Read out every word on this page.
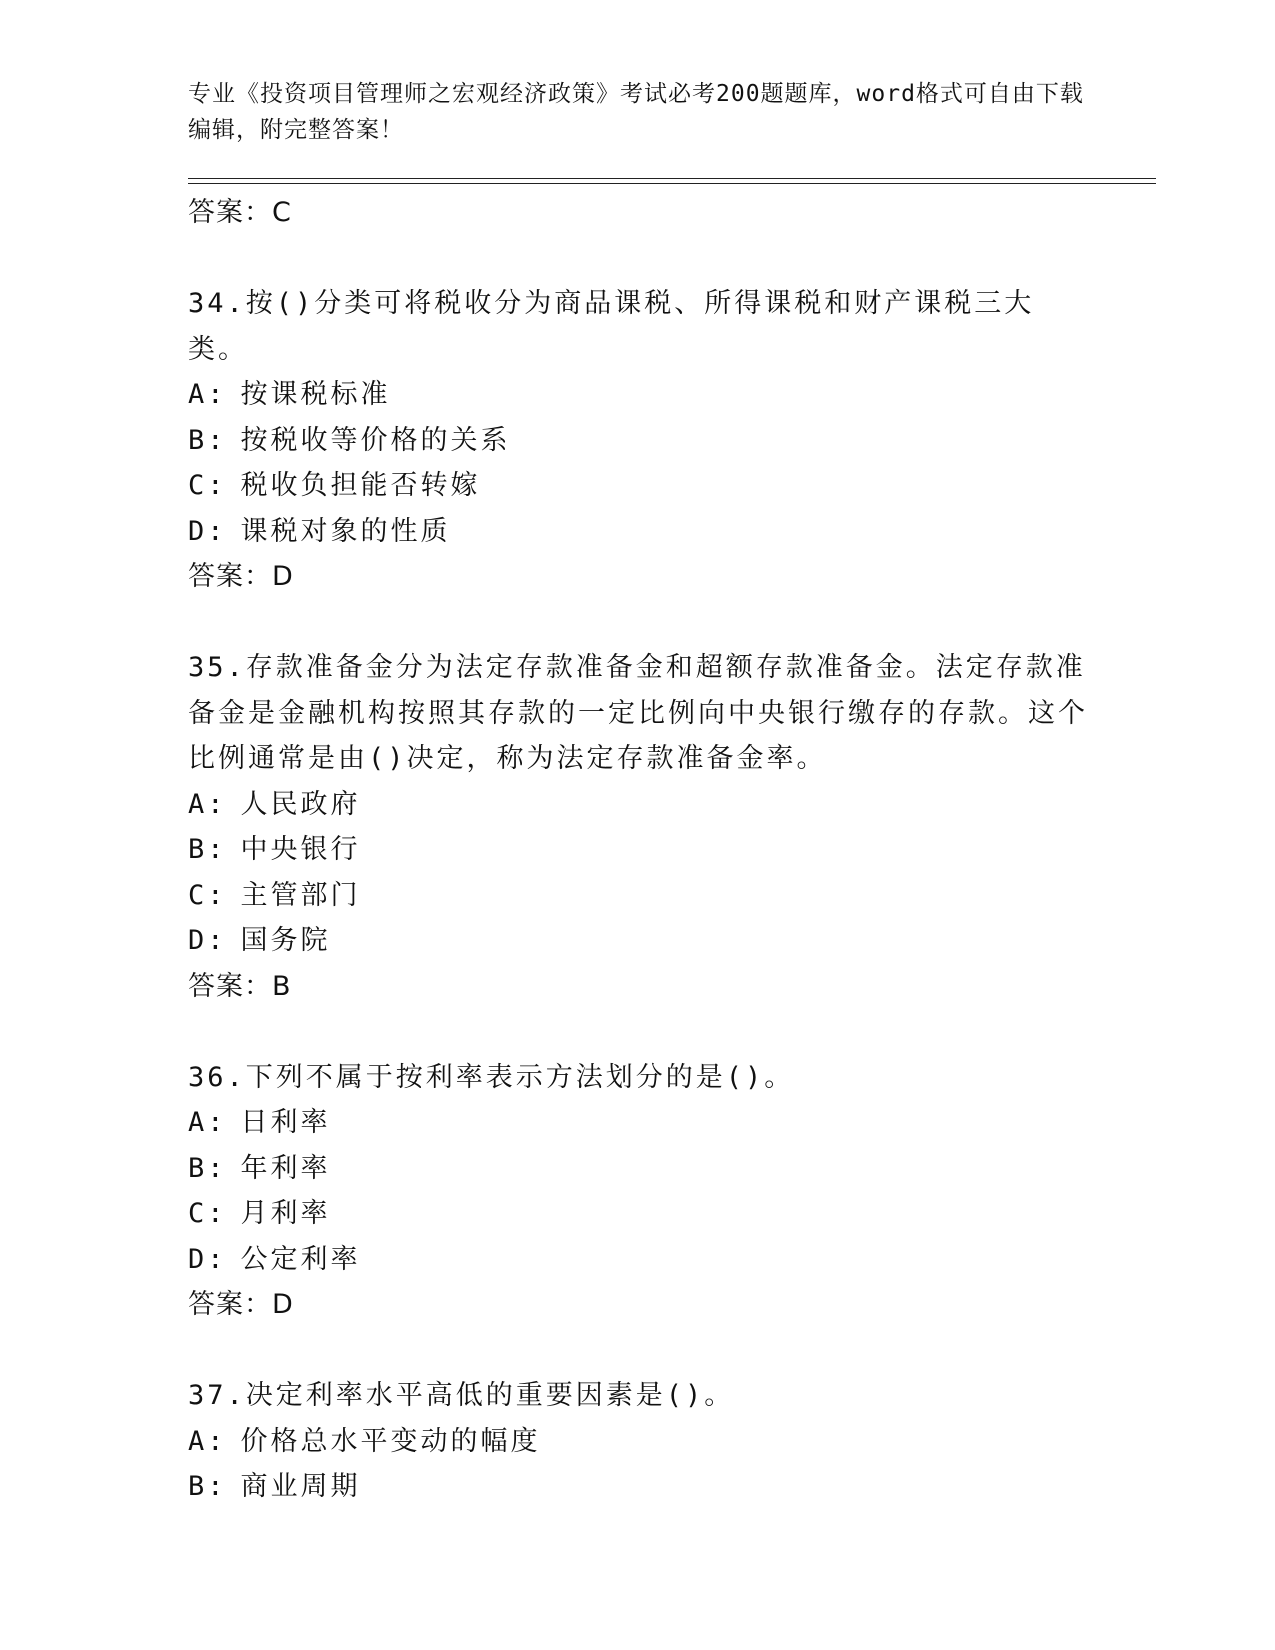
专业《投资项目管理师之宏观经济政策》考试必考200题题库，word格式可自由下载编辑，附完整答案！

答案：C

34.按()分类可将税收分为商品课税、所得课税和财产课税三大类。

A: 按课税标准

B: 按税收等价格的关系

C: 税收负担能否转嫁

D: 课税对象的性质

答案：D

35.存款准备金分为法定存款准备金和超额存款准备金。法定存款准备金是金融机构按照其存款的一定比例向中央银行缴存的存款。这个比例通常是由()决定，称为法定存款准备金率。

A: 人民政府

B: 中央银行

C: 主管部门

D: 国务院

答案：B

36.下列不属于按利率表示方法划分的是()。

A: 日利率

B: 年利率

C: 月利率

D: 公定利率

答案：D

37.决定利率水平高低的重要因素是()。

A: 价格总水平变动的幅度

B: 商业周期
